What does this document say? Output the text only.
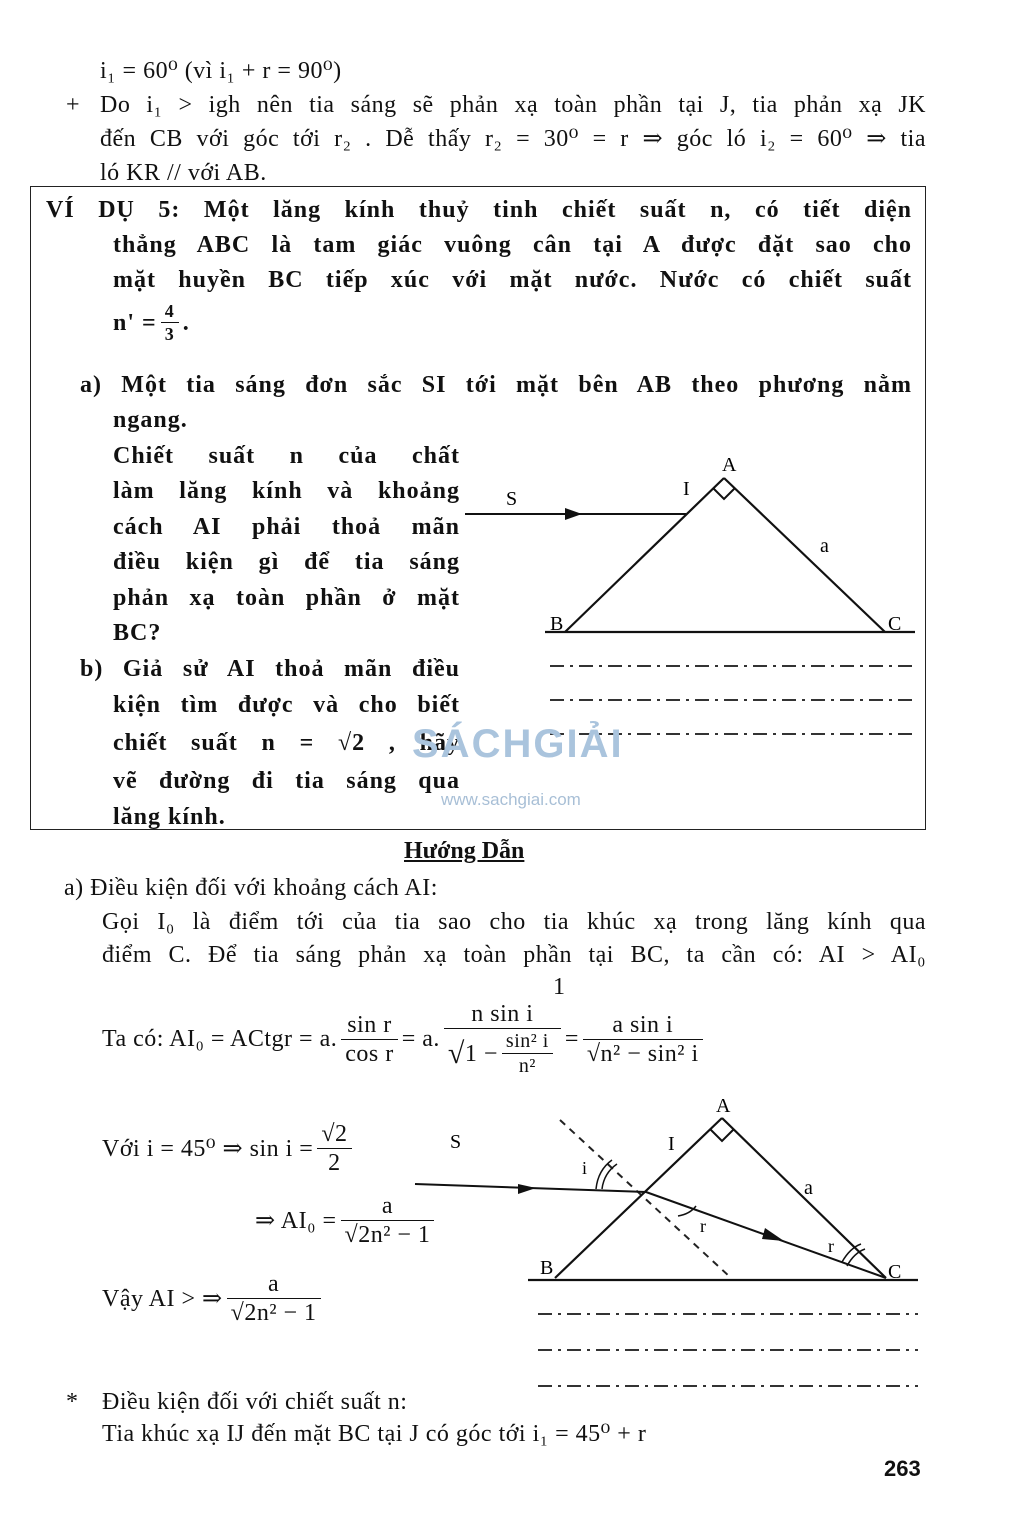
i₁ = 60⁰ (vì i₁ + r = 90⁰)
+ Do i₁ > igh nên tia sáng sẽ phản xạ toàn phần tại J, tia phản xạ JK
đến CB với góc tới r₂ . Dễ thấy r₂ = 30⁰ = r ⇒ góc ló i₂ = 60⁰ ⇒ tia
ló KR // với AB.
VÍ DỤ 5: Một lăng kính thuỷ tinh chiết suất n, có tiết diện
thẳng ABC là tam giác vuông cân tại A được đặt sao cho
mặt huyền BC tiếp xúc với mặt nước. Nước có chiết suất
$n' = \frac{4}{3}$ .
a) Một tia sáng đơn sắc SI tới mặt bên AB theo phương nằm
ngang.
Chiết suất n của chất
làm lăng kính và khoảng
cách AI phải thoả mãn
điều kiện gì để tia sáng
phản xạ toàn phần ở mặt
BC?
b) Giả sử AI thoả mãn điều
kiện tìm được và cho biết
chiết suất n = √2 , hãy
vẽ đường đi tia sáng qua
lăng kính.
S	I
A
a
B	C
SÁCHGIẢI
www.sachgiai.com
Hướng Dẫn
a) Điều kiện đối với khoảng cách AI:
Gọi I₀ là điểm tới của tia sao cho tia khúc xạ trong lăng kính qua
điểm C. Để tia sáng phản xạ toàn phần tại BC, ta cần có: AI > AI₀
1
Ta có: AI₀ = ACtgr = a. $\frac{\text{sin r}}{\text{cos r}} = a$. $\frac{\text{n sin i}}{√ 1 - \frac{\text{sin² i}}{\text{n²}}} = \frac{\text{a sin i}}{\text{√n² − sin² i}}$
Với i = 45⁰ ⇒ $\sin i = \frac{√2}{2}$
⇒ $AI_0 = \frac{a}{\text{√2n² − 1}}$
Vậy AI > ⇒ $\frac{a}{\text{√2n² − 1}}$
* Điều kiện đối với chiết suất n:
Tia khúc xạ IJ đến mặt BC tại J có góc tới i₁ = 45⁰ + r
S	I
A
a
B	C
i
r
r
263
